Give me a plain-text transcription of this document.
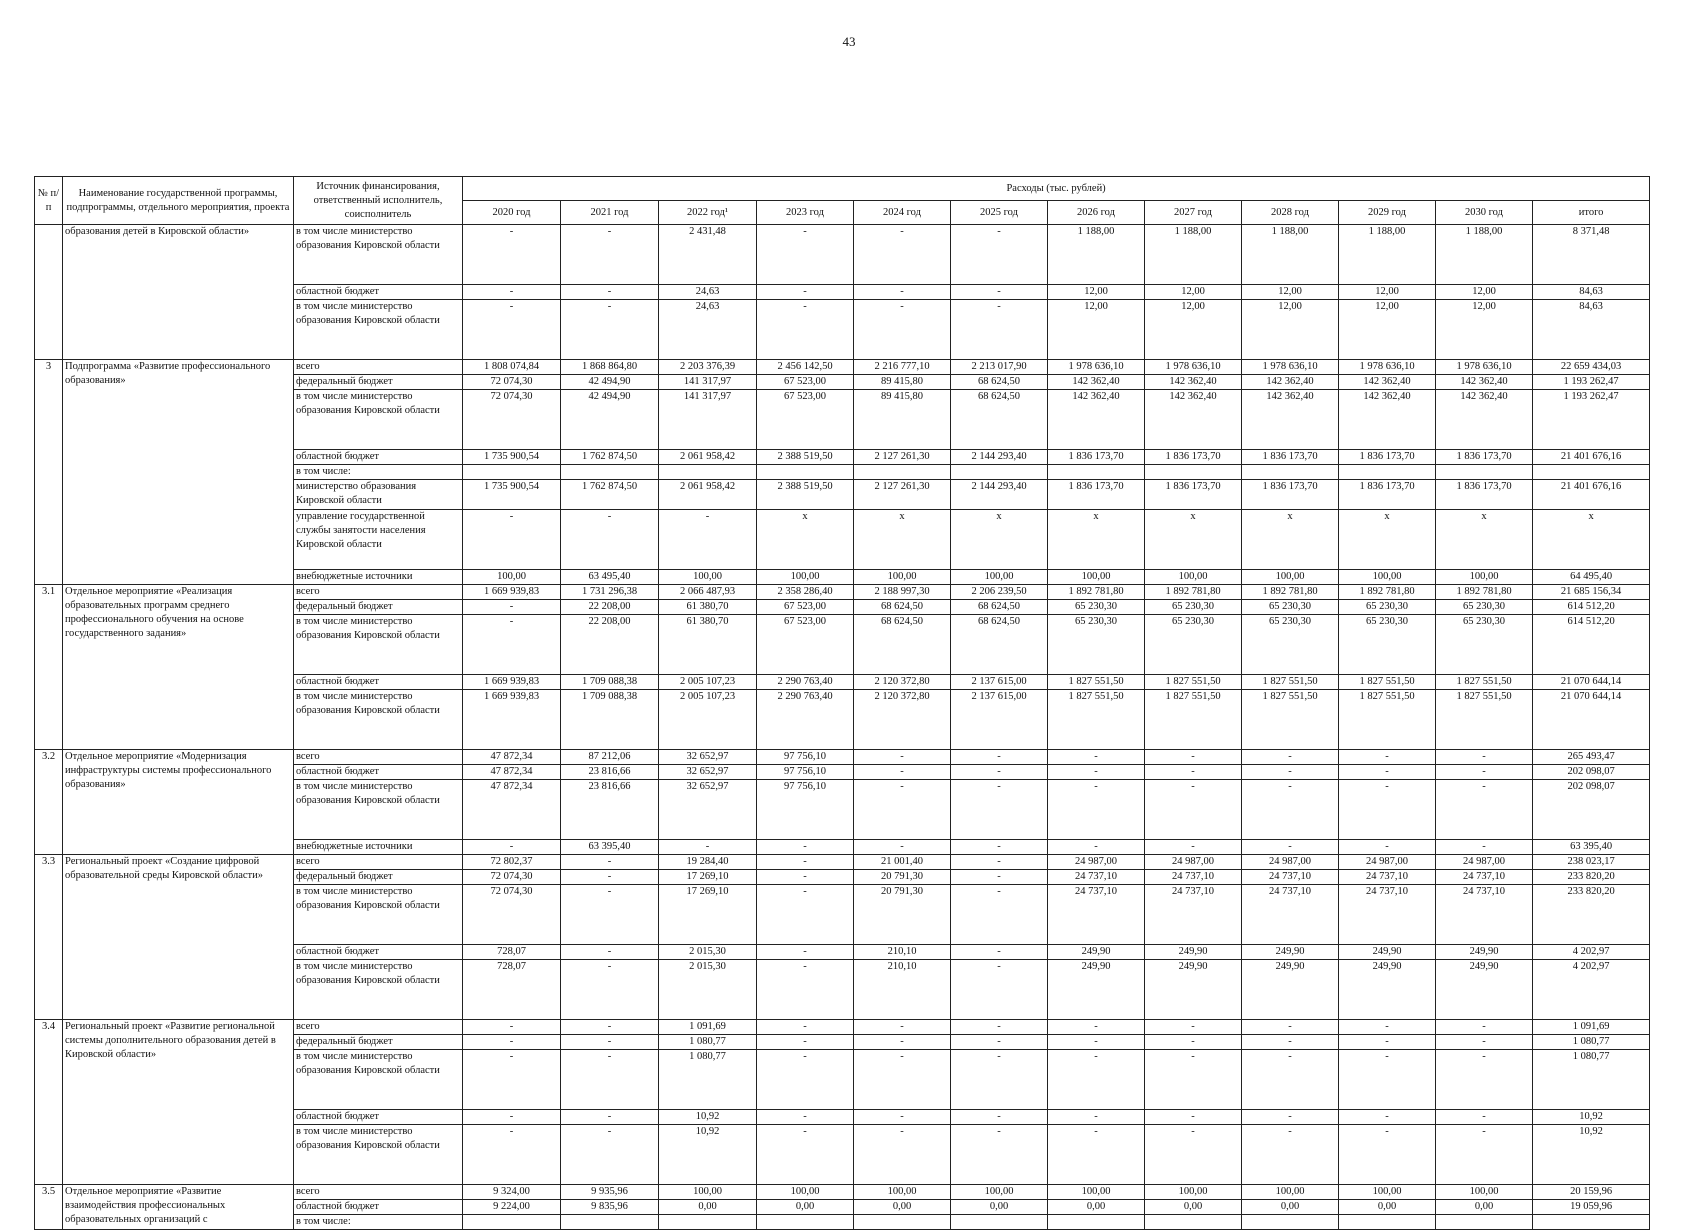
43
№ п/п	Наименование государственной программы, подпрограммы, отдельного мероприятия, проекта	Источник финансирования, ответственный исполнитель, соисполнитель	Расходы (тыс. рублей)											
			2020 год	2021 год	2022 год¹	2023 год	2024 год	2025 год	2026 год	2027 год	2028 год	2029 год	2030 год	итого
	образования детей в Кировской области»	в том числе министерство образования Кировской области	-	-	2 431,48	-	-	-	1 188,00	1 188,00	1 188,00	1 188,00	1 188,00	8 371,48
		областной бюджет	-	-	24,63	-	-	-	12,00	12,00	12,00	12,00	12,00	84,63
		в том числе министерство образования Кировской области	-	-	24,63	-	-	-	12,00	12,00	12,00	12,00	12,00	84,63
3	Подпрограмма «Развитие профессионального образования»	всего	1 808 074,84	1 868 864,80	2 203 376,39	2 456 142,50	2 216 777,10	2 213 017,90	1 978 636,10	1 978 636,10	1 978 636,10	1 978 636,10	1 978 636,10	22 659 434,03
		федеральный бюджет	72 074,30	42 494,90	141 317,97	67 523,00	89 415,80	68 624,50	142 362,40	142 362,40	142 362,40	142 362,40	142 362,40	1 193 262,47
		в том числе министерство образования Кировской области	72 074,30	42 494,90	141 317,97	67 523,00	89 415,80	68 624,50	142 362,40	142 362,40	142 362,40	142 362,40	142 362,40	1 193 262,47
		областной бюджет	1 735 900,54	1 762 874,50	2 061 958,42	2 388 519,50	2 127 261,30	2 144 293,40	1 836 173,70	1 836 173,70	1 836 173,70	1 836 173,70	1 836 173,70	21 401 676,16
		в том числе:												
		министерство образования Кировской области	1 735 900,54	1 762 874,50	2 061 958,42	2 388 519,50	2 127 261,30	2 144 293,40	1 836 173,70	1 836 173,70	1 836 173,70	1 836 173,70	1 836 173,70	21 401 676,16
		управление государственной службы занятости населения Кировской области	-	-	-	x	x	x	x	x	x	x	x	x
		внебюджетные источники	100,00	63 495,40	100,00	100,00	100,00	100,00	100,00	100,00	100,00	100,00	100,00	64 495,40
3.1	Отдельное мероприятие «Реализация образовательных программ среднего профессионального обучения на основе государственного задания»	всего	1 669 939,83	1 731 296,38	2 066 487,93	2 358 286,40	2 188 997,30	2 206 239,50	1 892 781,80	1 892 781,80	1 892 781,80	1 892 781,80	1 892 781,80	21 685 156,34
		федеральный бюджет	-	22 208,00	61 380,70	67 523,00	68 624,50	68 624,50	65 230,30	65 230,30	65 230,30	65 230,30	65 230,30	614 512,20
		в том числе министерство образования Кировской области	-	22 208,00	61 380,70	67 523,00	68 624,50	68 624,50	65 230,30	65 230,30	65 230,30	65 230,30	65 230,30	614 512,20
		областной бюджет	1 669 939,83	1 709 088,38	2 005 107,23	2 290 763,40	2 120 372,80	2 137 615,00	1 827 551,50	1 827 551,50	1 827 551,50	1 827 551,50	1 827 551,50	21 070 644,14
		в том числе министерство образования Кировской области	1 669 939,83	1 709 088,38	2 005 107,23	2 290 763,40	2 120 372,80	2 137 615,00	1 827 551,50	1 827 551,50	1 827 551,50	1 827 551,50	1 827 551,50	21 070 644,14
3.2	Отдельное мероприятие «Модернизация инфраструктуры системы профессионального образования»	всего	47 872,34	87 212,06	32 652,97	97 756,10	-	-	-	-	-	-	-	265 493,47
		областной бюджет	47 872,34	23 816,66	32 652,97	97 756,10	-	-	-	-	-	-	-	202 098,07
		в том числе министерство образования Кировской области	47 872,34	23 816,66	32 652,97	97 756,10	-	-	-	-	-	-	-	202 098,07
		внебюджетные источники	-	63 395,40	-	-	-	-	-	-	-	-	-	63 395,40
3.3	Региональный проект «Создание цифровой образовательной среды Кировской области»	всего	72 802,37	-	19 284,40	-	21 001,40	-	24 987,00	24 987,00	24 987,00	24 987,00	24 987,00	238 023,17
		федеральный бюджет	72 074,30	-	17 269,10	-	20 791,30	-	24 737,10	24 737,10	24 737,10	24 737,10	24 737,10	233 820,20
		в том числе министерство образования Кировской области	72 074,30	-	17 269,10	-	20 791,30	-	24 737,10	24 737,10	24 737,10	24 737,10	24 737,10	233 820,20
		областной бюджет	728,07	-	2 015,30	-	210,10	-	249,90	249,90	249,90	249,90	249,90	4 202,97
		в том числе министерство образования Кировской области	728,07	-	2 015,30	-	210,10	-	249,90	249,90	249,90	249,90	249,90	4 202,97
3.4	Региональный проект «Развитие региональной системы дополнительного образования детей в Кировской области»	всего	-	-	1 091,69	-	-	-	-	-	-	-	-	1 091,69
		федеральный бюджет	-	-	1 080,77	-	-	-	-	-	-	-	-	1 080,77
		в том числе министерство образования Кировской области	-	-	1 080,77	-	-	-	-	-	-	-	-	1 080,77
		областной бюджет	-	-	10,92	-	-	-	-	-	-	-	-	10,92
		в том числе министерство образования Кировской области	-	-	10,92	-	-	-	-	-	-	-	-	10,92
3.5	Отдельное мероприятие «Развитие взаимодействия профессиональных образовательных организаций с	всего	9 324,00	9 935,96	100,00	100,00	100,00	100,00	100,00	100,00	100,00	100,00	100,00	20 159,96
		областной бюджет	9 224,00	9 835,96	0,00	0,00	0,00	0,00	0,00	0,00	0,00	0,00	0,00	19 059,96
		в том числе:												
